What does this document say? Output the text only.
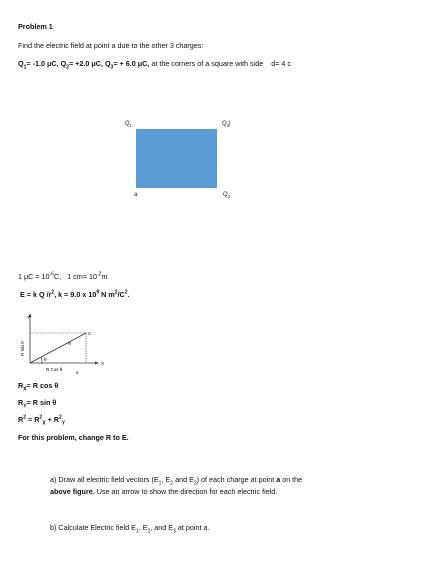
Problem 1
Find the electric field at point a due to the other 3 charges:
$Q_1= -1.0$ μC, $Q_2= +2.0$ μC, $Q_3= + 6.0$ μC, at the corners of a square with side d= 4 c
$Q_1$	$Q_2|$
a	$Q_3$
1 $\mu C = 10^{-6}C$, 1 $cm= 10^{-2}m$
E = k Q $/r^2$, k = 9.0 x $10^9$ N $m^2/C^2$.
Y
X
R
C
θ
R Sin θ
R Cos θ
a
$R_X= R$ cos θ
$R_Y= R$ sin θ
$R^2 = R^2_X + R^2_Y$
For this problem, change R to E.
a) Draw all electric field vectors ($E_1$, $E_2$ and $E_3$) of each charge at point a on the
above figure. Use an arrow to show the direction for each electric field.
b) Calculate Electric field $E_1$, $E_2$, and $E_3$ at point a.
